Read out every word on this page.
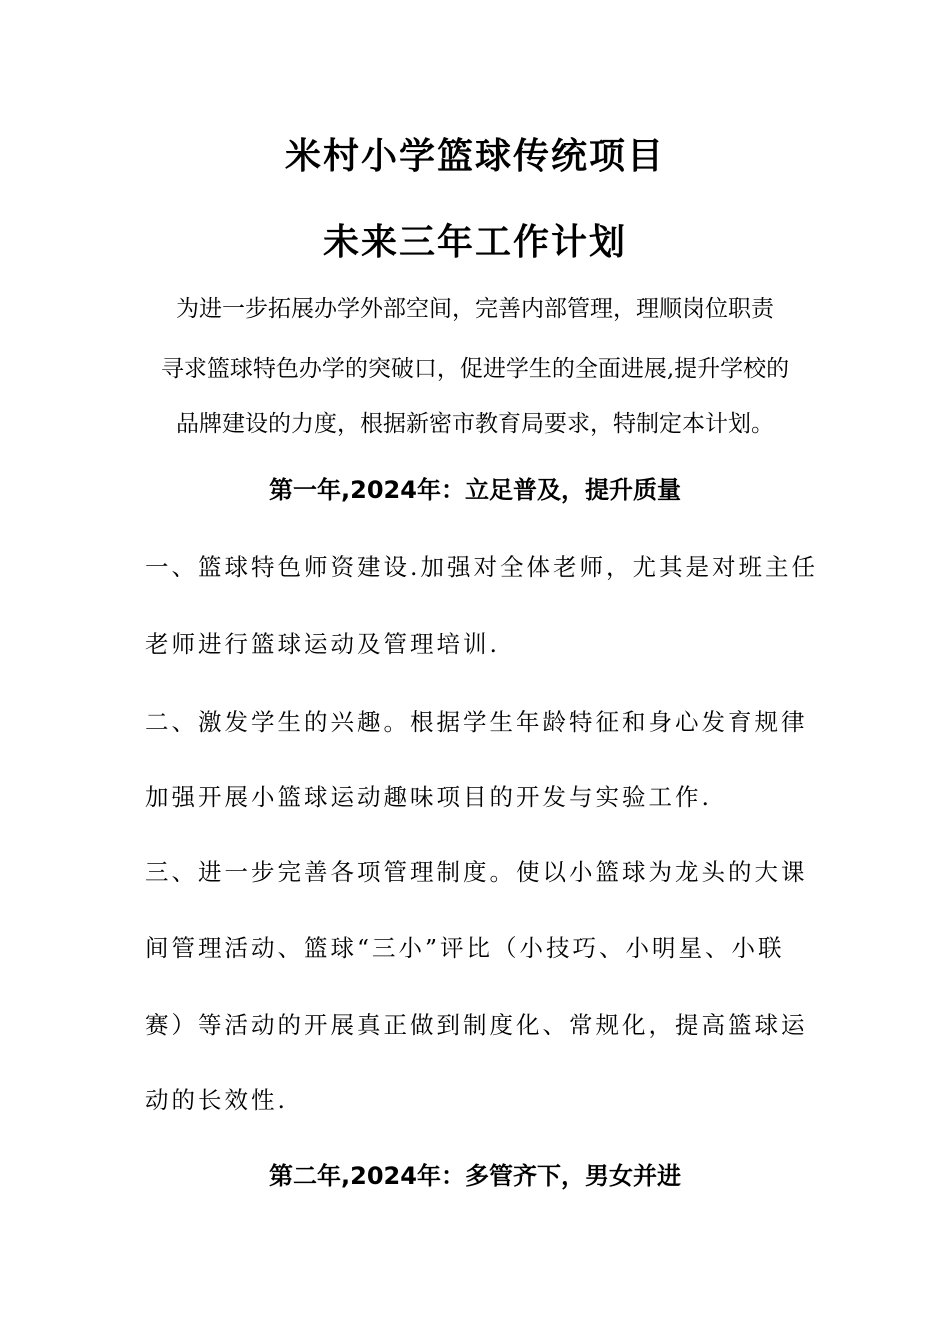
米村小学篮球传统项目
未来三年工作计划
为进一步拓展办学外部空间，完善内部管理，理顺岗位职责
寻求篮球特色办学的突破口，促进学生的全面进展,提升学校的
品牌建设的力度，根据新密市教育局要求，特制定本计划。
第一年,2024年：立足普及，提升质量
一、篮球特色师资建设.加强对全体老师，尤其是对班主任
老师进行篮球运动及管理培训.
二、激发学生的兴趣。根据学生年龄特征和身心发育规律
加强开展小篮球运动趣味项目的开发与实验工作.
三、进一步完善各项管理制度。使以小篮球为龙头的大课
间管理活动、篮球“三小”评比（小技巧、小明星、小联
赛）等活动的开展真正做到制度化、常规化，提高篮球运
动的长效性.
第二年,2024年：多管齐下，男女并进
